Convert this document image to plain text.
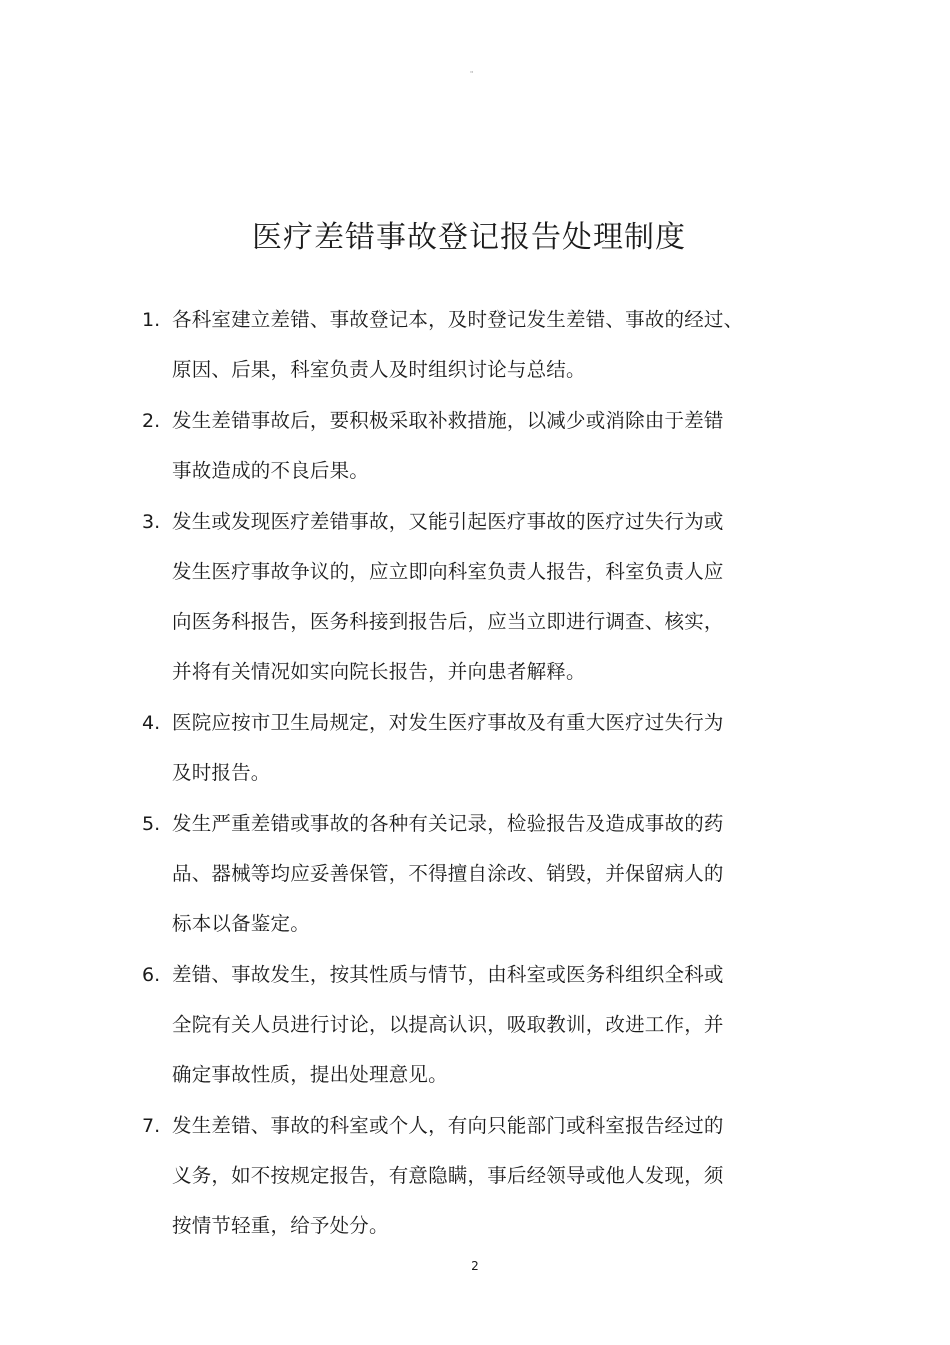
"
医疗差错事故登记报告处理制度
1. 各科室建立差错、事故登记本，及时登记发生差错、事故的经过、
原因、后果，科室负责人及时组织讨论与总结。
2. 发生差错事故后，要积极采取补救措施，以减少或消除由于差错
事故造成的不良后果。
3. 发生或发现医疗差错事故，又能引起医疗事故的医疗过失行为或
发生医疗事故争议的，应立即向科室负责人报告，科室负责人应
向医务科报告，医务科接到报告后，应当立即进行调查、核实，
并将有关情况如实向院长报告，并向患者解释。
4. 医院应按市卫生局规定，对发生医疗事故及有重大医疗过失行为
及时报告。
5. 发生严重差错或事故的各种有关记录，检验报告及造成事故的药
品、器械等均应妥善保管，不得擅自涂改、销毁，并保留病人的
标本以备鉴定。
6. 差错、事故发生，按其性质与情节，由科室或医务科组织全科或
全院有关人员进行讨论，以提高认识，吸取教训，改进工作，并
确定事故性质，提出处理意见。
7. 发生差错、事故的科室或个人，有向只能部门或科室报告经过的
义务，如不按规定报告，有意隐瞒，事后经领导或他人发现，须
按情节轻重，给予处分。
2
